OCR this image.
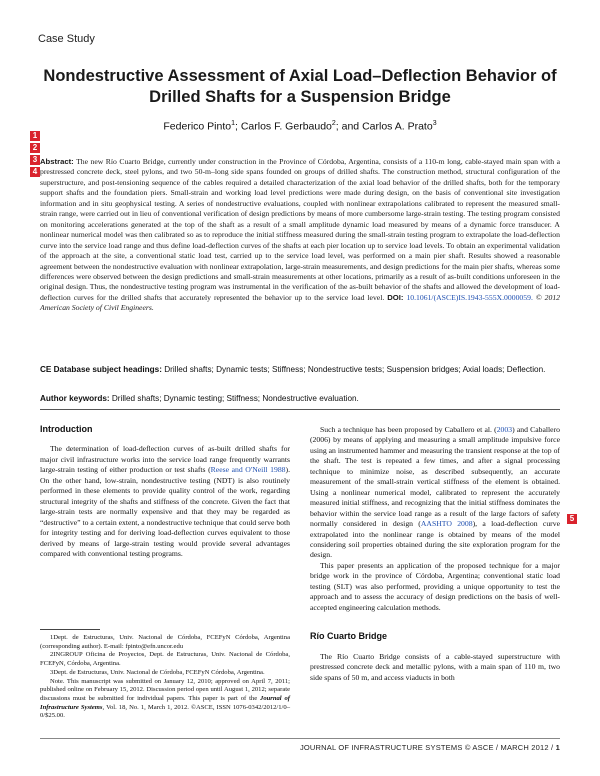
Case Study
Nondestructive Assessment of Axial Load–Deflection Behavior of Drilled Shafts for a Suspension Bridge
Federico Pinto$^1$; Carlos F. Gerbaudo$^2$; and Carlos A. Prato$^3$
1
2
3
4
5
Abstract: The new Río Cuarto Bridge, currently under construction in the Province of Córdoba, Argentina, consists of a 110-m long, cable-stayed main span with a prestressed concrete deck, steel pylons, and two 50-m–long side spans founded on groups of drilled shafts. The construction method, structural configuration of the superstructure, and post-tensioning sequence of the cables required a detailed characterization of the axial load behavior of the drilled shafts, both for the temporary support shafts and the foundation piers. Small-strain and working load level predictions were made during design, on the basis of conventional site investigation information and in situ geophysical testing. A series of nondestructive evaluations, coupled with nonlinear extrapolations calibrated to represent the measured small-strain range, were carried out in lieu of conventional verification of design predictions by means of more cumbersome large-strain testing. The testing program consisted on monitoring accelerations generated at the top of the shaft as a result of a small amplitude dynamic load measured by means of a dynamic force transducer. A nonlinear numerical model was then calibrated so as to reproduce the initial stiffness measured during the small-strain testing program to extrapolate the load-deflection curve into the service load range and thus define load-deflection curves of the shafts at each pier location up to service load levels. To obtain an experimental validation of the approach at the site, a conventional static load test, carried up to the service load level, was performed on a main pier shaft. Results showed a reasonable agreement between the nondestructive evaluation with nonlinear extrapolation, large-strain measurements, and design predictions for the main pier shafts, whereas some differences were observed between the design predictions and small-strain measurements at other locations, primarily as a result of as-built conditions unforeseen in the original design. Thus, the nondestructive testing program was instrumental in the verification of the as-built behavior of the shafts and allowed the development of load-deflection curves for the drilled shafts that accurately represented the behavior up to the service load level. DOI: 10.1061/(ASCE)IS.1943-555X.0000059. © 2012 American Society of Civil Engineers.
CE Database subject headings: Drilled shafts; Dynamic tests; Stiffness; Nondestructive tests; Suspension bridges; Axial loads; Deflection.
Author keywords: Drilled shafts; Dynamic testing; Stiffness; Nondestructive evaluation.
Introduction

The determination of load-deflection curves of as-built drilled shafts for major civil infrastructure works into the service load range frequently warrants large-strain testing of either production or test shafts (Reese and O'Neill 1988). On the other hand, low-strain, nondestructive testing (NDT) is also routinely performed in these elements to provide quality control of the work, regarding structural integrity of the shafts and stiffness of the concrete. Given the fact that large-strain tests are normally expensive and that they may be regarded as “destructive” to a certain extent, a nondestructive technique that could serve both for integrity testing and for deriving load-deflection curves equivalent to those derived by means of large-strain testing would provide several advantages compared with conventional testing programs.

1Dept. de Estructuras, Univ. Nacional de Córdoba, FCEFyN Córdoba, Argentina (corresponding author). E-mail: fpinto@efn.uncor.edu

2INGROUP Oficina de Proyectos, Dept. de Estructuras, Univ. Nacional de Córdoba, FCEFyN, Córdoba, Argentina.

3Dept. de Estructuras, Univ. Nacional de Córdoba, FCEFyN Córdoba, Argentina.

Note. This manuscript was submitted on January 12, 2010; approved on April 7, 2011; published online on February 15, 2012. Discussion period open until August 1, 2012; separate discussions must be submitted for individual papers. This paper is part of the Journal of Infrastructure Systems, Vol. 18, No. 1, March 1, 2012. ©ASCE, ISSN 1076-0342/2012/1/0–0/$25.00.

Such a technique has been proposed by Caballero et al. (2003) and Caballero (2006) by means of applying and measuring a small amplitude impulsive force using an instrumented hammer and measuring the transient response at the top of the shaft. The test is repeated a few times, and after a signal processing technique to minimize noise, as described subsequently, an accurate measurement of the small-strain vertical stiffness of the element is obtained. Using a nonlinear numerical model, calibrated to represent the accurately measured initial stiffness, and recognizing that the initial stiffness dominates the behavior within the service load range as a result of the large factors of safety normally considered in design (AASHTO 2008), a load-deflection curve extrapolated into the nonlinear range is obtained by means of the model considering soil properties obtained during the site exploration program for the design.

This paper presents an application of the proposed technique for a major bridge work in the province of Córdoba, Argentina; conventional static load testing (SLT) was also performed, providing a unique opportunity to test the approach and to assess the accuracy of design predictions on the basis of well-accepted engineering calculation methods.

Río Cuarto Bridge

The Río Cuarto Bridge consists of a cable-stayed superstructure with prestressed concrete deck and metallic pylons, with a main span of 110 m, two side spans of 50 m, and access viaducts in both

JOURNAL OF INFRASTRUCTURE SYSTEMS © ASCE / MARCH 2012 / 1
